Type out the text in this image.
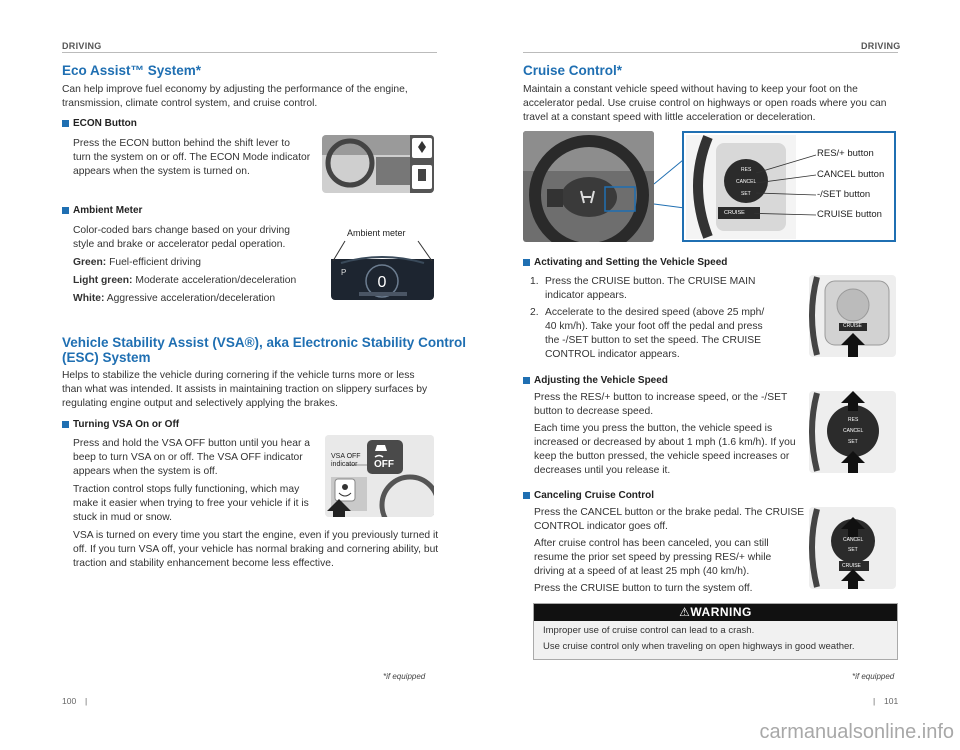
DRIVING
Eco Assist™ System*

Can help improve fuel economy by adjusting the performance of the engine,

transmission, climate control system, and cruise control.

ECON Button

Press the ECON button behind the shift lever to

turn the system on or off. The ECON Mode indicator

appears when the system is turned on.

Ambient Meter

Color-coded bars change based on your driving

style and brake or accelerator pedal operation.

Green: Fuel-efficient driving

Light green: Moderate acceleration/deceleration

White: Aggressive acceleration/deceleration

0
P
Ambient meter
Vehicle Stability Assist (VSA®), aka Electronic Stability Control
(ESC) System

Helps to stabilize the vehicle during cornering if the vehicle turns more or less

than what was intended. It assists in maintaining traction on slippery surfaces by

regulating engine output and selectively applying the brakes.

Turning VSA On or Off

Press and hold the VSA OFF button until you hear a

beep to turn VSA on or off. The VSA OFF indicator

appears when the system is off.

Traction control stops fully functioning, which may

make it easier when trying to free your vehicle if it is

stuck in mud or snow.

VSA is turned on every time you start the engine, even if you previously turned it

off. If you turn VSA off, your vehicle has normal braking and cornering ability, but

traction and stability enhancement become less effective.

VSA OFF
indicator OFF
*if equipped
100 |
DRIVING
Cruise Control*

Maintain a constant vehicle speed without having to keep your foot on the

accelerator pedal. Use cruise control on highways or open roads where you can

travel at a constant speed with little acceleration or deceleration.

RES
CANCEL
SET
CRUISE
RES/+ button
CANCEL button
-/SET button
CRUISE button
Activating and Setting the Vehicle Speed

1. Press the CRUISE button. The CRUISE MAIN

indicator appears.

2. Accelerate to the desired speed (above 25 mph/

40 km/h). Take your foot off the pedal and press

the -/SET button to set the speed. The CRUISE

CONTROL indicator appears.

CRUISE
Adjusting the Vehicle Speed

Press the RES/+ button to increase speed, or the -/SET

button to decrease speed.

Each time you press the button, the vehicle speed is

increased or decreased by about 1 mph (1.6 km/h). If you

keep the button pressed, the vehicle speed increases or

decreases until you release it.

RES
CANCEL
SET
Canceling Cruise Control

Press the CANCEL button or the brake pedal. The CRUISE

CONTROL indicator goes off.

After cruise control has been canceled, you can still

resume the prior set speed by pressing RES/+ while

driving at a speed of at least 25 mph (40 km/h).

Press the CRUISE button to turn the system off.

CANCEL
SET
CRUISE
⚠WARNING
Improper use of cruise control can lead to a crash.
Use cruise control only when traveling on open highways in good weather.
*if equipped
| 101
carmanualsonline.info
